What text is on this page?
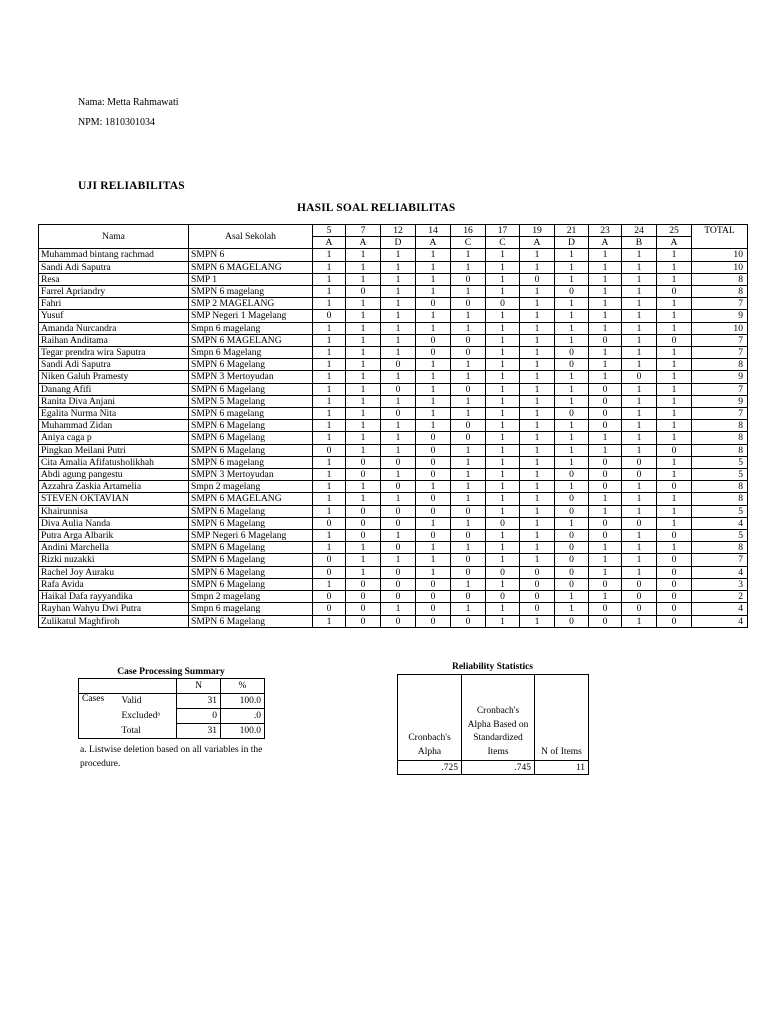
Nama: Metta Rahmawati
NPM: 1810301034
UJI RELIABILITAS
HASIL SOAL RELIABILITAS
Nama	Asal Sekolah	5	7	12	14	16	17	19	21	23	24	25	TOTAL
		A	A	D	A	C	C	A	D	A	B	A	
Muhammad bintang rachmad	SMPN 6	1	1	1	1	1	1	1	1	1	1	1	10
Sandi Adi Saputra	SMPN 6 MAGELANG	1	1	1	1	1	1	1	1	1	1	1	10
Resa	SMP 1	1	1	1	1	0	1	0	1	1	1	1	8
Farrel Apriandry	SMPN 6 magelang	1	0	1	1	1	1	1	0	1	1	0	8
Fahri	SMP 2 MAGELANG	1	1	1	0	0	0	1	1	1	1	1	7
Yusuf	SMP Negeri 1 Magelang	0	1	1	1	1	1	1	1	1	1	1	9
Amanda Nurcandra	Smpn 6 magelang	1	1	1	1	1	1	1	1	1	1	1	10
Raihan Anditama	SMPN 6 MAGELANG	1	1	1	0	0	1	1	1	0	1	0	7
Tegar prendra wira Saputra	Smpn 6 Magelang	1	1	1	0	0	1	1	0	1	1	1	7
Sandi Adi Saputra	SMPN 6 Magelang	1	1	0	1	1	1	1	0	1	1	1	8
Niken Galuh Pramesty	SMPN 3 Mertoyudan	1	1	1	1	1	1	1	1	1	0	1	9
Danang Afifi	SMPN 6 Magelang	1	1	0	1	0	1	1	1	0	1	1	7
Ranita Diva Anjani	SMPN 5 Magelang	1	1	1	1	1	1	1	1	0	1	1	9
Egalita Nurma Nita	SMPN 6 magelang	1	1	0	1	1	1	1	0	0	1	1	7
Muhammad Zidan	SMPN 6 Magelang	1	1	1	1	0	1	1	1	0	1	1	8
Aniya caga p	SMPN 6 Magelang	1	1	1	0	0	1	1	1	1	1	1	8
Pingkan Meilani Putri	SMPN 6 Magelang	0	1	1	0	1	1	1	1	1	1	0	8
Cita Amalia Afifatusholikhah	SMPN 6 magelang	1	0	0	0	1	1	1	1	0	0	1	5
Abdi agung pangestu	SMPN 3 Mertoyudan	1	0	1	0	1	1	1	0	0	0	1	5
Azzahra Zaskia Artamelia	Smpn 2 magelang	1	1	0	1	1	1	1	1	0	1	0	8
STEVEN OKTAVIAN	SMPN 6 MAGELANG	1	1	1	0	1	1	1	0	1	1	1	8
Khairunnisa	SMPN 6 Magelang	1	0	0	0	0	1	1	0	1	1	1	5
Diva Aulia Nanda	SMPN 6 Magelang	0	0	0	1	1	0	1	1	0	0	1	4
Putra Arga Albarik	SMP Negeri 6 Magelang	1	0	1	0	0	1	1	0	0	1	0	5
Andini Marchella	SMPN 6 Magelang	1	1	0	1	1	1	1	0	1	1	1	8
Rizki nuzakki	SMPN 6 Magelang	0	1	1	1	0	1	1	0	1	1	0	7
Rachel Joy Auraku	SMPN 6 Magelang	0	1	0	1	0	0	0	0	1	1	0	4
Rafa Avida	SMPN 6 Magelang	1	0	0	0	1	1	0	0	0	0	0	3
Haikal Dafa rayyandika	Smpn 2 magelang	0	0	0	0	0	0	0	1	1	0	0	2
Rayhan Wahyu Dwi Putra	Smpn 6 magelang	0	0	1	0	1	1	0	1	0	0	0	4
Zulikatul Maghfiroh	SMPN 6 Magelang	1	0	0	0	0	1	1	0	0	1	0	4
Case Processing Summary
		N	%
Cases	Valid	31	100.0
	Excludedᵃ	0	.0
	Total	31	100.0
a. Listwise deletion based on all variables in the procedure.
Reliability Statistics
Cronbach's Alpha	Cronbach's Alpha Based on Standardized Items	N of Items
.725	.745	11
